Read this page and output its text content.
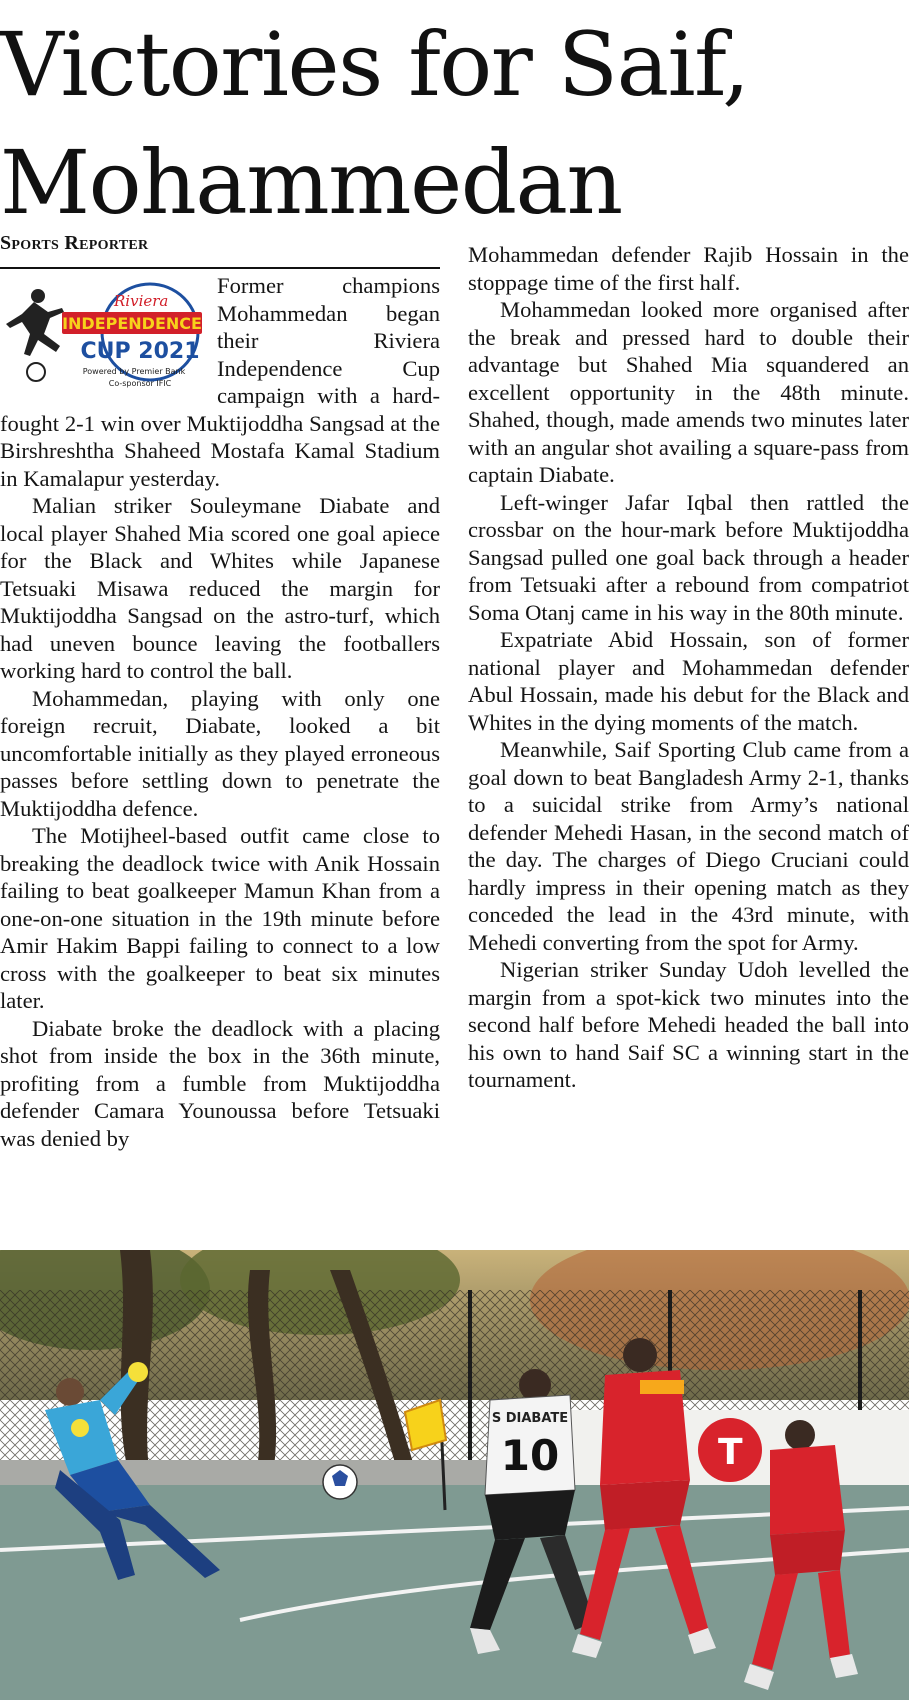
Victories for Saif,
Mohammedan
Sports Reporter
Riviera
INDEPENDENCE
CUP 2021
Powered by Premier Bank
Co-sponsor IFIC

Former champions Mohammedan began their Riviera Independence Cup campaign with a hard-fought 2-1 win over Muktijoddha Sangsad at the Birshreshtha Shaheed Mostafa Kamal Stadium in Kamalapur yesterday.

Malian striker Souleymane Diabate and local player Shahed Mia scored one goal apiece for the Black and Whites while Japanese Tetsuaki Misawa reduced the margin for Muktijoddha Sangsad on the astro-turf, which had uneven bounce leaving the footballers working hard to control the ball.

Mohammedan, playing with only one foreign recruit, Diabate, looked a bit uncomfortable initially as they played erroneous passes before settling down to penetrate the Muktijoddha defence.

The Motijheel-based outfit came close to breaking the deadlock twice with Anik Hossain failing to beat goalkeeper Mamun Khan from a one-on-one situation in the 19th minute before Amir Hakim Bappi failing to connect to a low cross with the goalkeeper to beat six minutes later.

Diabate broke the deadlock with a placing shot from inside the box in the 36th minute, profiting from a fumble from Muktijoddha defender Camara Younoussa before Tetsuaki was denied by

Mohammedan defender Rajib Hossain in the stoppage time of the first half.

Mohammedan looked more organised after the break and pressed hard to double their advantage but Shahed Mia squandered an excellent opportunity in the 48th minute. Shahed, though, made amends two minutes later with an angular shot availing a square-pass from captain Diabate.

Left-winger Jafar Iqbal then rattled the crossbar on the hour-mark before Muktijoddha Sangsad pulled one goal back through a header from Tetsuaki after a rebound from compatriot Soma Otanj came in his way in the 80th minute.

Expatriate Abid Hossain, son of former national player and Mohammedan defender Abul Hossain, made his debut for the Black and Whites in the dying moments of the match.

Meanwhile, Saif Sporting Club came from a goal down to beat Bangladesh Army 2-1, thanks to a suicidal strike from Army’s national defender Mehedi Hasan, in the second match of the day. The charges of Diego Cruciani could hardly impress in their opening match as they conceded the lead in the 43rd minute, with Mehedi converting from the spot for Army.

Nigerian striker Sunday Udoh levelled the margin from a spot-kick two minutes into the second half before Mehedi headed the ball into his own to hand Saif SC a winning start in the tournament.

T
S DIABATE
10
